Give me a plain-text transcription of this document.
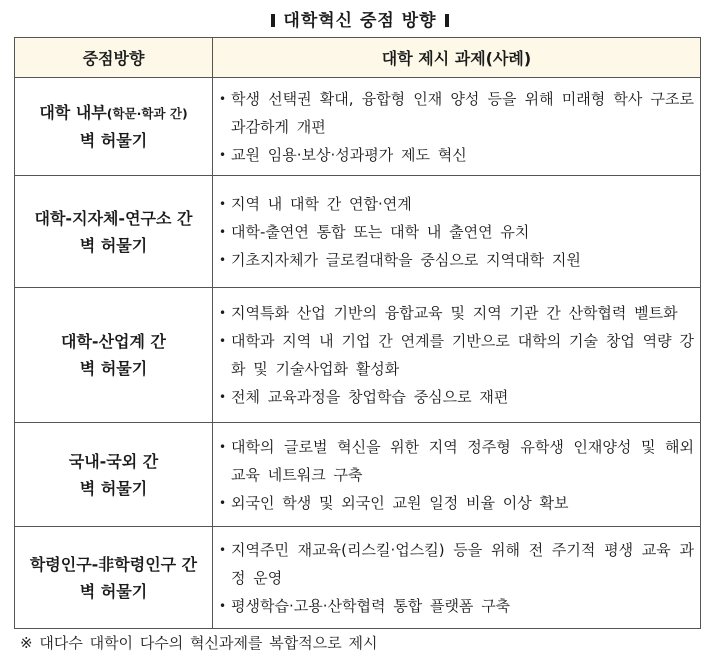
대학혁신 중점 방향
중점방향	대학 제시 과제(사례)
대학 내부(학문·학과 간)
벽 허물기	
• 학생 선택권 확대, 융합형 인재 양성 등을 위해 미래형 학사 구조로 과감하게 개편
• 교원 임용·보상·성과평가 제도 혁신

대학-지자체-연구소 간
벽 허물기	
• 지역 내 대학 간 연합·연계
• 대학-출연연 통합 또는 대학 내 출연연 유치
• 기초지자체가 글로컬대학을 중심으로 지역대학 지원

대학-산업계 간
벽 허물기	
• 지역특화 산업 기반의 융합교육 및 지역 기관 간 산학협력 벨트화
• 대학과 지역 내 기업 간 연계를 기반으로 대학의 기술 창업 역량 강화 및 기술사업화 활성화
• 전체 교육과정을 창업학습 중심으로 재편

국내-국외 간
벽 허물기	
• 대학의 글로벌 혁신을 위한 지역 정주형 유학생 인재양성 및 해외 교육 네트워크 구축
• 외국인 학생 및 외국인 교원 일정 비율 이상 확보

학령인구-非학령인구 간
벽 허물기	
• 지역주민 재교육(리스킬·업스킬) 등을 위해 전 주기적 평생 교육 과정 운영
• 평생학습·고용·산학협력 통합 플랫폼 구축
※ 대다수 대학이 다수의 혁신과제를 복합적으로 제시
